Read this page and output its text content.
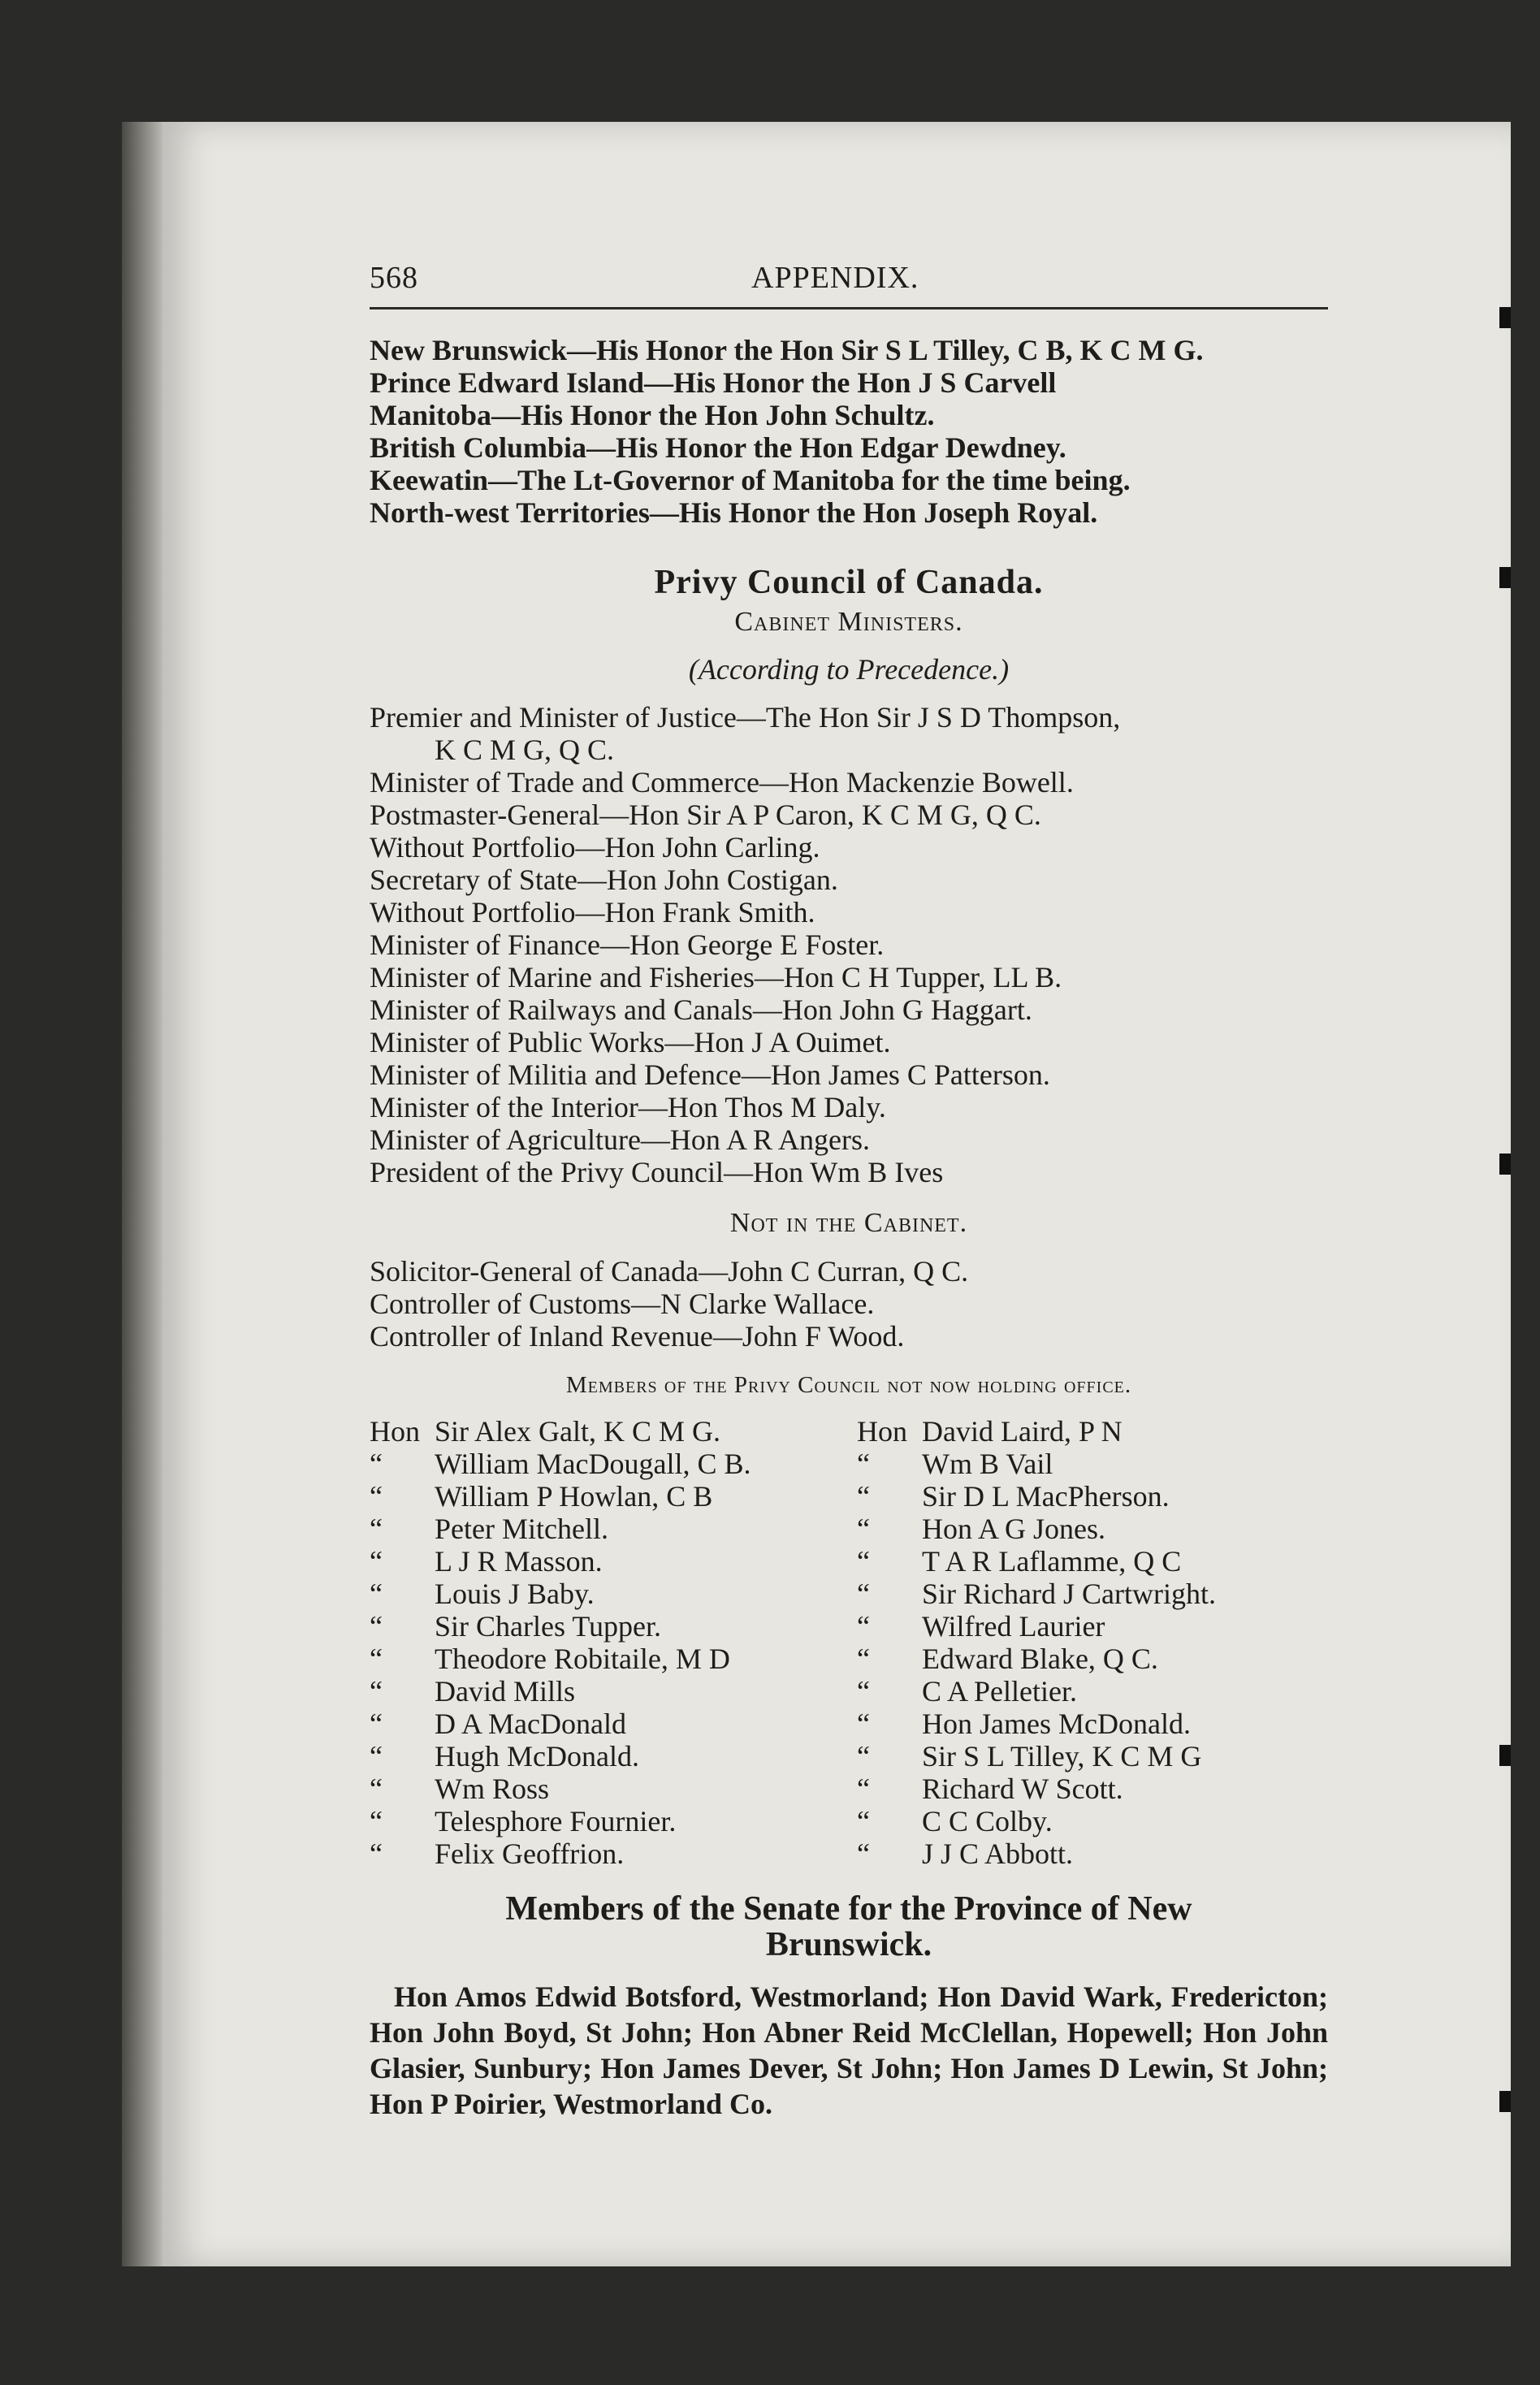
568	APPENDIX.
New Brunswick—His Honor the Hon Sir S L Tilley, C B, K C M G.
Prince Edward Island—His Honor the Hon J S Carvell
Manitoba—His Honor the Hon John Schultz.
British Columbia—His Honor the Hon Edgar Dewdney.
Keewatin—The Lt-Governor of Manitoba for the time being.
North-west Territories—His Honor the Hon Joseph Royal.
Privy Council of Canada.
Cabinet Ministers.
(According to Precedence.)
Premier and Minister of Justice—The Hon Sir J S D Thompson,
K C M G, Q C.
Minister of Trade and Commerce—Hon Mackenzie Bowell.
Postmaster-General—Hon Sir A P Caron, K C M G, Q C.
Without Portfolio—Hon John Carling.
Secretary of State—Hon John Costigan.
Without Portfolio—Hon Frank Smith.
Minister of Finance—Hon George E Foster.
Minister of Marine and Fisheries—Hon C H Tupper, LL B.
Minister of Railways and Canals—Hon John G Haggart.
Minister of Public Works—Hon J A Ouimet.
Minister of Militia and Defence—Hon James C Patterson.
Minister of the Interior—Hon Thos M Daly.
Minister of Agriculture—Hon A R Angers.
President of the Privy Council—Hon Wm B Ives
Not in the Cabinet.
Solicitor-General of Canada—John C Curran, Q C.
Controller of Customs—N Clarke Wallace.
Controller of Inland Revenue—John F Wood.
Members of the Privy Council not now holding office.
Hon Sir Alex Galt, K C M G.
“ William MacDougall, C B.
“ William P Howlan, C B
“ Peter Mitchell.
“ L J R Masson.
“ Louis J Baby.
“ Sir Charles Tupper.
“ Theodore Robitaile, M D
“ David Mills
“ D A MacDonald
“ Hugh McDonald.
“ Wm Ross
“ Telesphore Fournier.
“ Felix Geoffrion.
Hon David Laird, P N
“ Wm B Vail
“ Sir D L MacPherson.
“ Hon A G Jones.
“ T A R Laflamme, Q C
“ Sir Richard J Cartwright.
“ Wilfred Laurier
“ Edward Blake, Q C.
“ C A Pelletier.
“ Hon James McDonald.
“ Sir S L Tilley, K C M G
“ Richard W Scott.
“ C C Colby.
“ J J C Abbott.
Members of the Senate for the Province of New
Brunswick.
Hon Amos Edwid Botsford, Westmorland; Hon David Wark, Fredericton; Hon John Boyd, St John; Hon Abner Reid McClellan, Hopewell; Hon John Glasier, Sunbury; Hon James Dever, St John; Hon James D Lewin, St John; Hon P Poirier, Westmorland Co.
